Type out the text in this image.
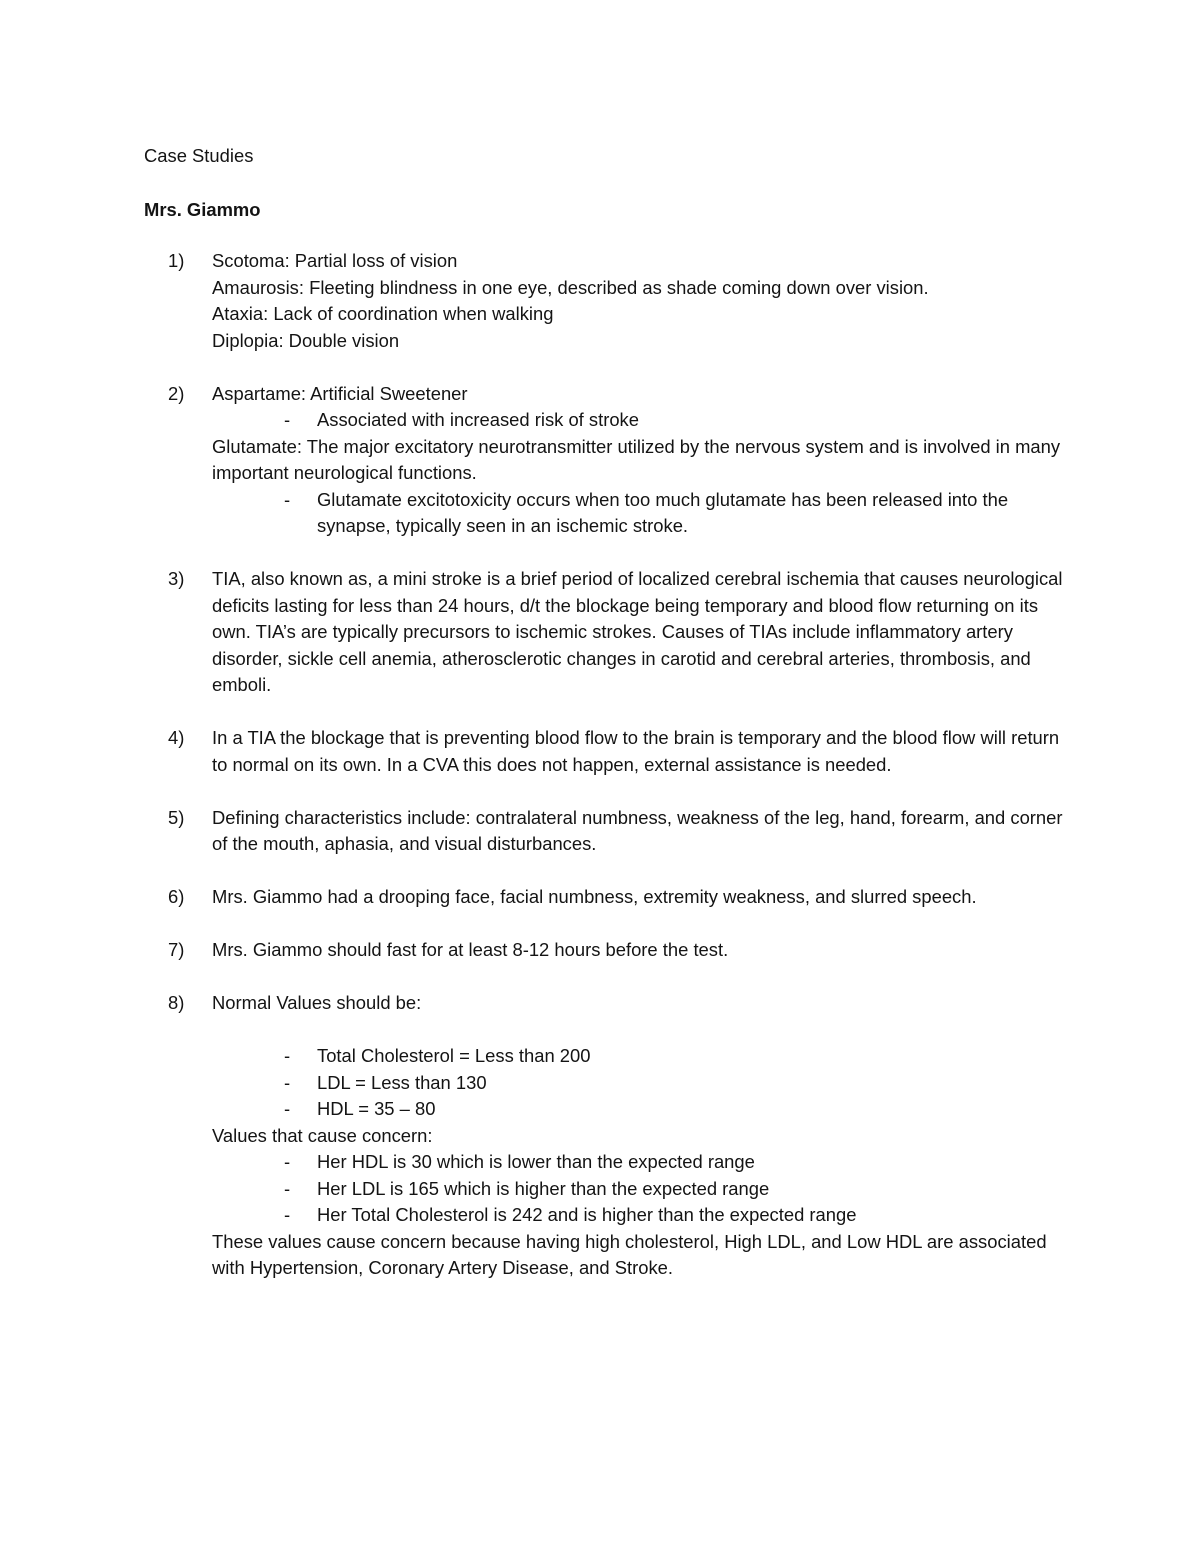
Case Studies
Mrs. Giammo
1) Scotoma: Partial loss of vision
Amaurosis: Fleeting blindness in one eye, described as shade coming down over vision.
Ataxia: Lack of coordination when walking
Diplopia: Double vision
2) Aspartame: Artificial Sweetener
- Associated with increased risk of stroke
Glutamate: The major excitatory neurotransmitter utilized by the nervous system and is involved in many important neurological functions.
- Glutamate excitotoxicity occurs when too much glutamate has been released into the synapse, typically seen in an ischemic stroke.
3) TIA, also known as, a mini stroke is a brief period of localized cerebral ischemia that causes neurological deficits lasting for less than 24 hours, d/t the blockage being temporary and blood flow returning on its own. TIA’s are typically precursors to ischemic strokes. Causes of TIAs include inflammatory artery disorder, sickle cell anemia, atherosclerotic changes in carotid and cerebral arteries, thrombosis, and emboli.

4) In a TIA the blockage that is preventing blood flow to the brain is temporary and the blood flow will return to normal on its own. In a CVA this does not happen, external assistance is needed.

5) Defining characteristics include: contralateral numbness, weakness of the leg, hand, forearm, and corner of the mouth, aphasia, and visual disturbances.

6) Mrs. Giammo had a drooping face, facial numbness, extremity weakness, and slurred speech.

7) Mrs. Giammo should fast for at least 8-12 hours before the test.

8) Normal Values should be:
- Total Cholesterol = Less than 200
- LDL = Less than 130
- HDL = 35 – 80
Values that cause concern:
- Her HDL is 30 which is lower than the expected range
- Her LDL is 165 which is higher than the expected range
- Her Total Cholesterol is 242 and is higher than the expected range

These values cause concern because having high cholesterol, High LDL, and Low HDL are associated with Hypertension, Coronary Artery Disease, and Stroke.
